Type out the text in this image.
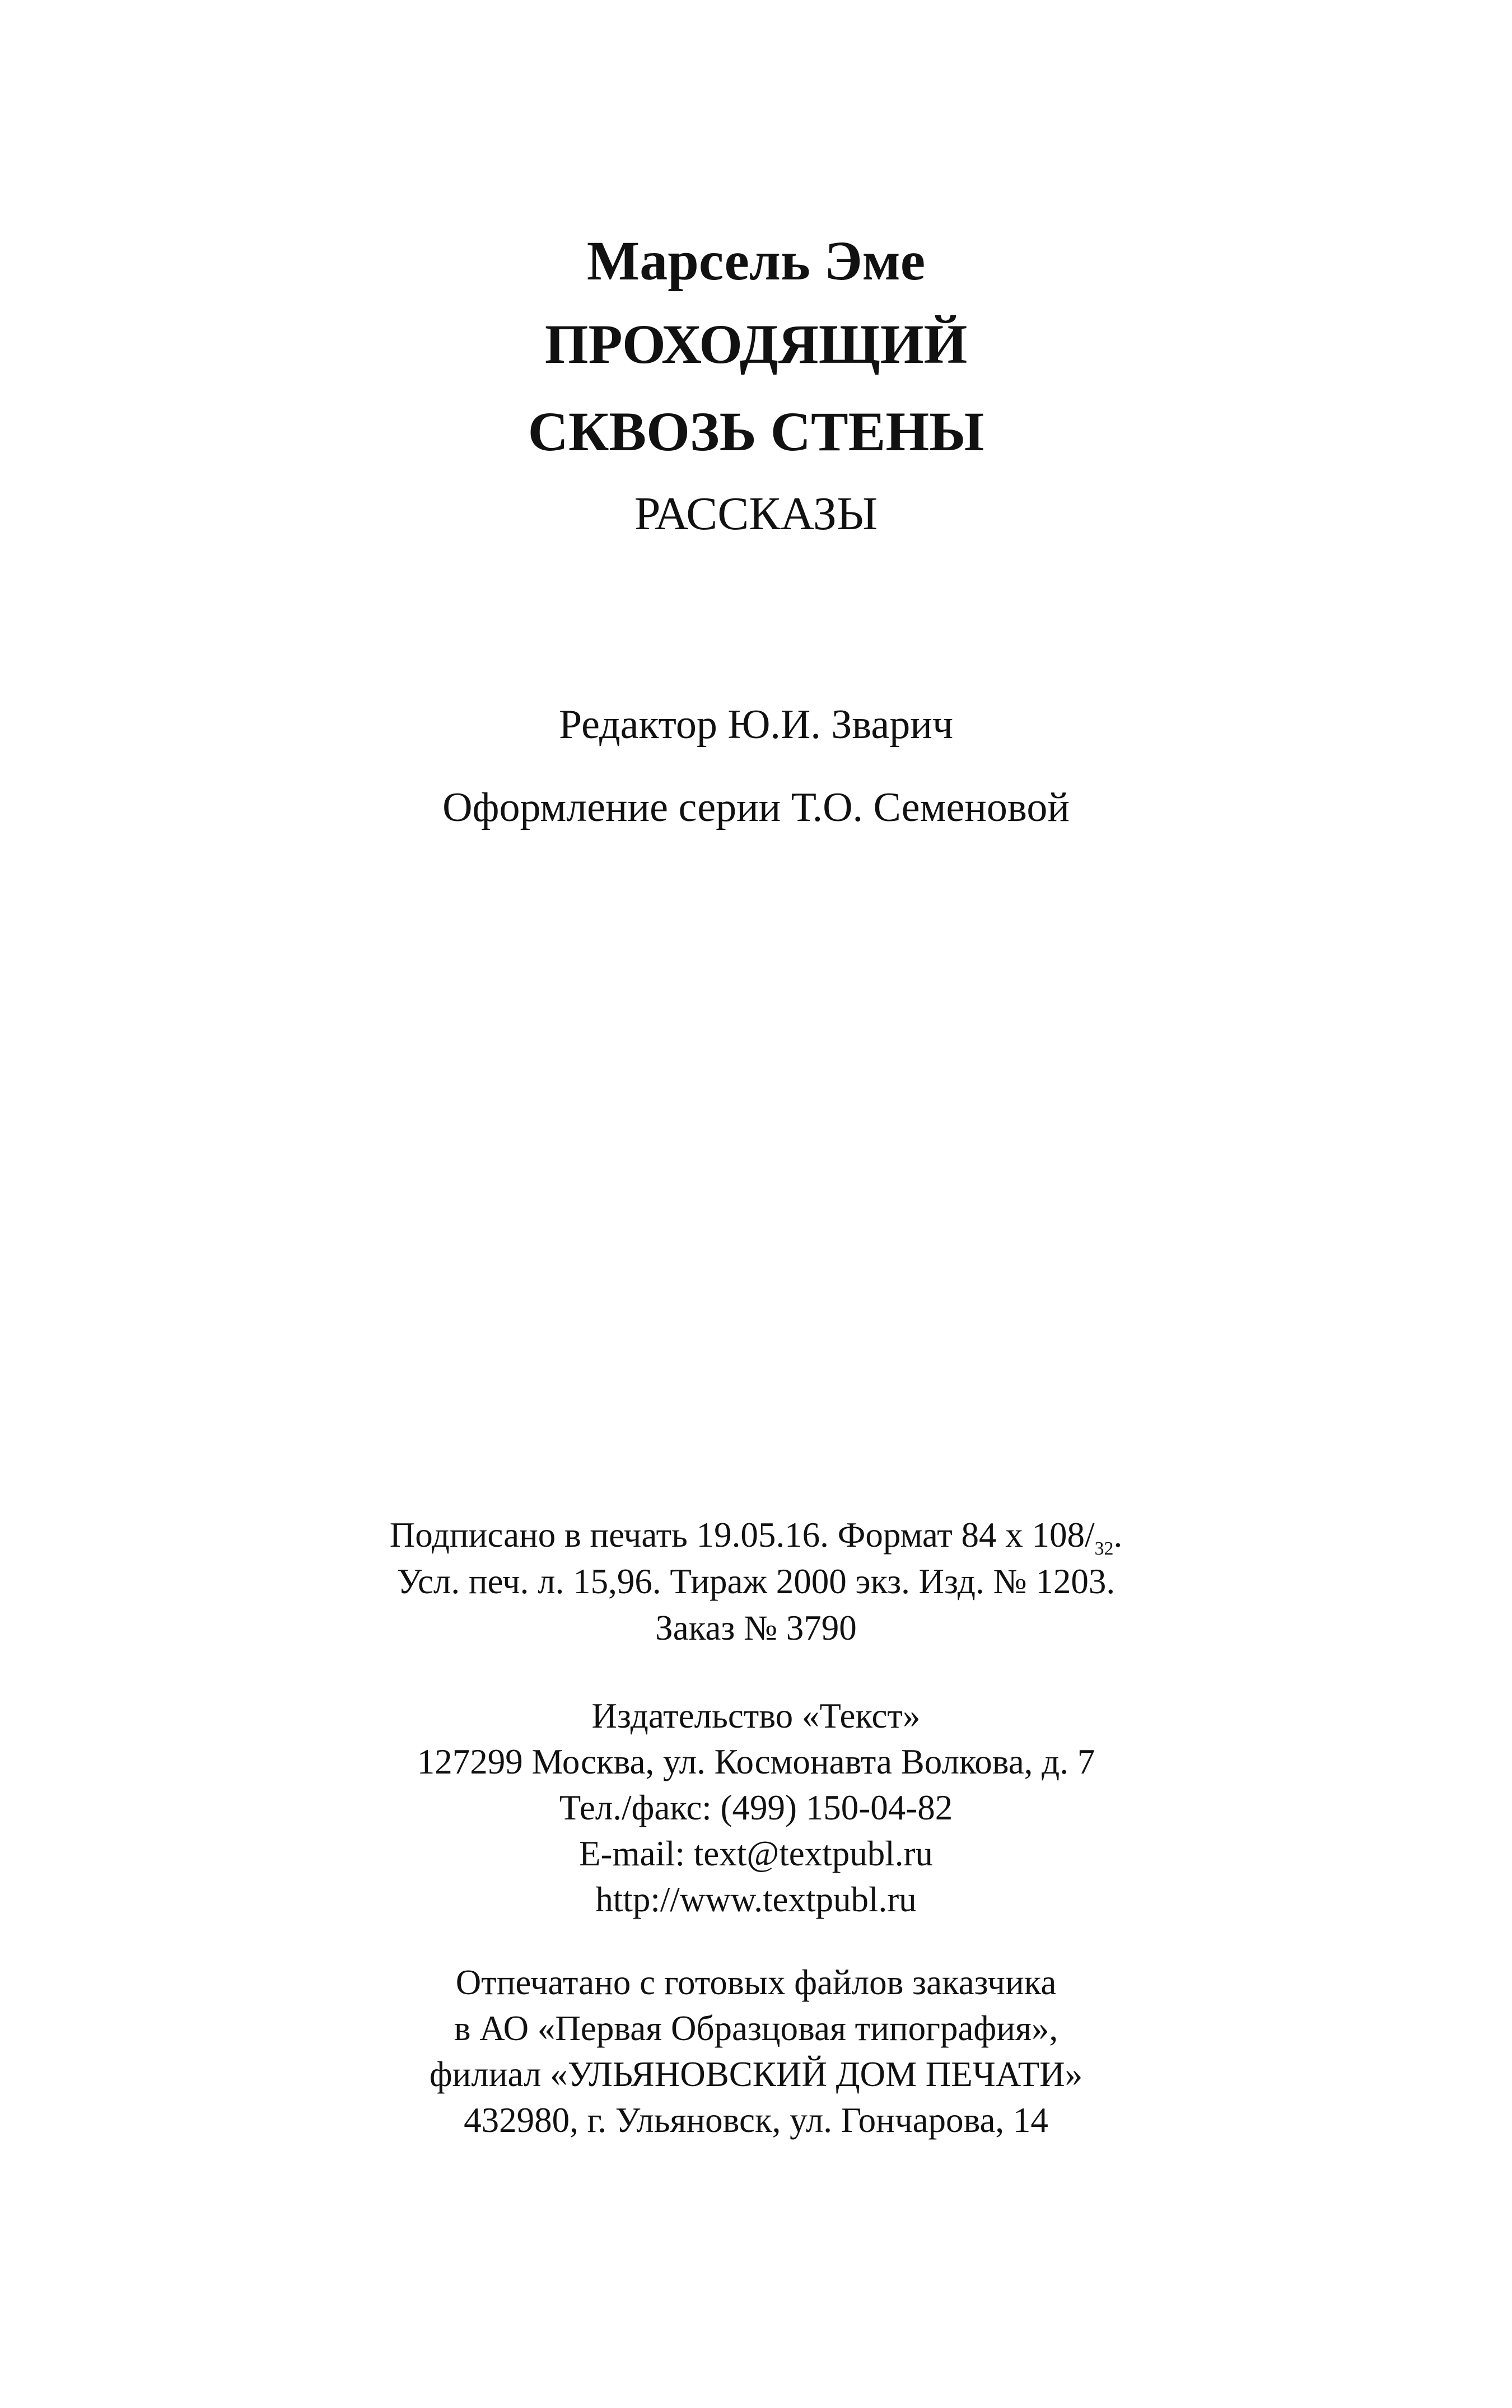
Марсель Эме
ПРОХОДЯЩИЙ
СКВОЗЬ СТЕНЫ
РАССКАЗЫ
Редактор Ю.И. Зварич
Оформление серии Т.О. Семеновой
Подписано в печать 19.05.16. Формат 84 х $108/_{32}$.
Усл. печ. л. 15,96. Тираж 2000 экз. Изд. № 1203.
Заказ № 3790
Издательство «Текст»
127299 Москва, ул. Космонавта Волкова, д. 7
Тел./факс: (499) 150-04-82
E-mail: text@textpubl.ru
http://www.textpubl.ru
Отпечатано с готовых файлов заказчика
в АО «Первая Образцовая типография»,
филиал «УЛЬЯНОВСКИЙ ДОМ ПЕЧАТИ»
432980, г. Ульяновск, ул. Гончарова, 14
